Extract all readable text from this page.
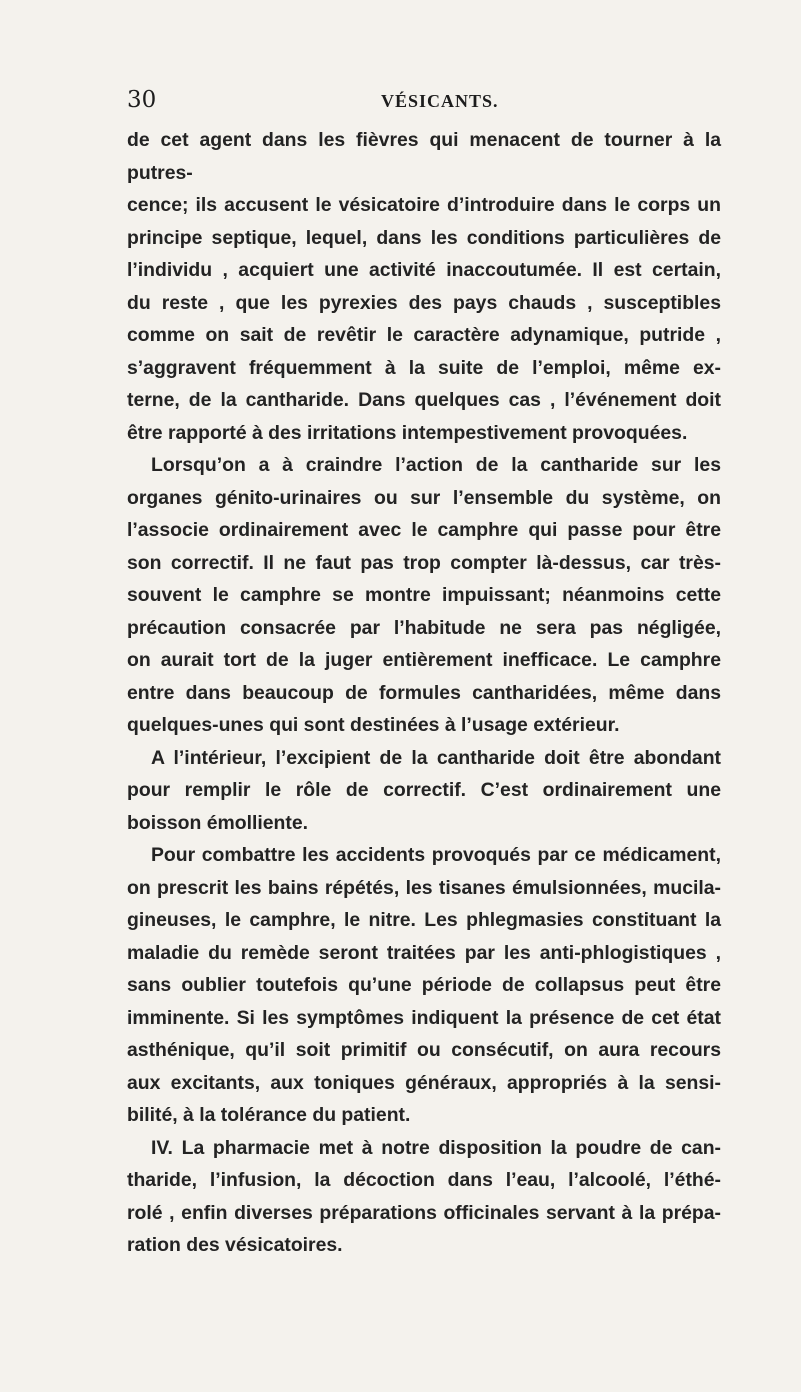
30	VÉSICANTS.

de cet agent dans les fièvres qui menacent de tourner à la putres-

cence; ils accusent le vésicatoire d’introduire dans le corps un

principe septique, lequel, dans les conditions particulières de

l’individu , acquiert une activité inaccoutumée. Il est certain,

du reste , que les pyrexies des pays chauds , susceptibles

comme on sait de revêtir le caractère adynamique, putride ,

s’aggravent fréquemment à la suite de l’emploi, même ex-

terne, de la cantharide. Dans quelques cas , l’événement doit

être rapporté à des irritations intempestivement provoquées.

Lorsqu’on a à craindre l’action de la cantharide sur les

organes génito-urinaires ou sur l’ensemble du système, on

l’associe ordinairement avec le camphre qui passe pour être

son correctif. Il ne faut pas trop compter là-dessus, car très-

souvent le camphre se montre impuissant; néanmoins cette

précaution consacrée par l’habitude ne sera pas négligée,

on aurait tort de la juger entièrement inefficace. Le camphre

entre dans beaucoup de formules cantharidées, même dans

quelques-unes qui sont destinées à l’usage extérieur.

A l’intérieur, l’excipient de la cantharide doit être abondant

pour remplir le rôle de correctif. C’est ordinairement une

boisson émolliente.

Pour combattre les accidents provoqués par ce médicament,

on prescrit les bains répétés, les tisanes émulsionnées, mucila-

gineuses, le camphre, le nitre. Les phlegmasies constituant la

maladie du remède seront traitées par les anti-phlogistiques ,

sans oublier toutefois qu’une période de collapsus peut être

imminente. Si les symptômes indiquent la présence de cet état

asthénique, qu’il soit primitif ou consécutif, on aura recours

aux excitants, aux toniques généraux, appropriés à la sensi-

bilité, à la tolérance du patient.

IV. La pharmacie met à notre disposition la poudre de can-

tharide, l’infusion, la décoction dans l’eau, l’alcoolé, l’éthé-

rolé , enfin diverses préparations officinales servant à la prépa-

ration des vésicatoires.
